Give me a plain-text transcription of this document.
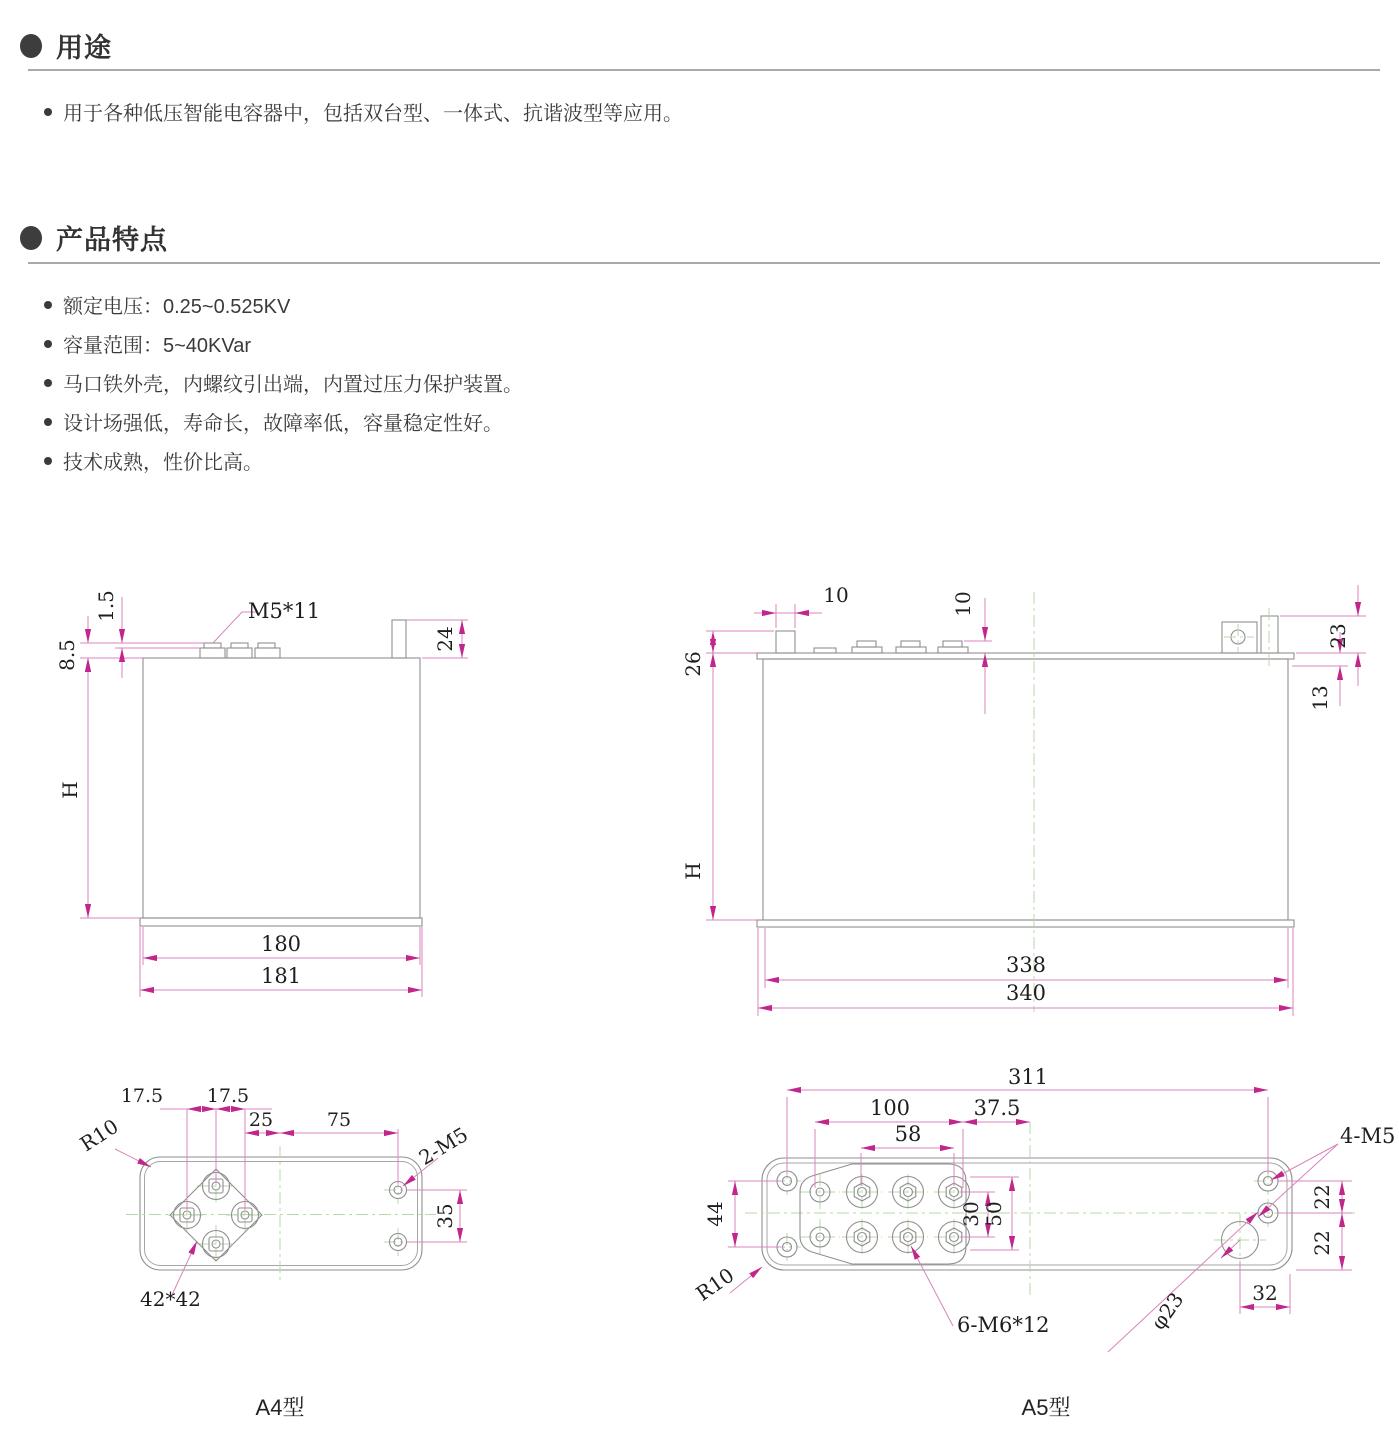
用途
用于各种低压智能电容器中，包括双台型、一体式、抗谐波型等应用。
产品特点
额定电压：0.25~0.525KV
容量范围：5~40KVar
马口铁外壳，内螺纹引出端，内置过压力保护装置。
设计场强低，寿命长，故障率低，容量稳定性好。
技术成熟，性价比高。
1.5
8.5
H
M5*11
24
180
181
17.5 17.5
25	75
R10	2-M5
35
42*42
A4型
10	10
26
H
23
13
338
340
311
100	37.5
58	4-M5
44	30 50
22
22
32
R10
φ23
6-M6*12
A5型
